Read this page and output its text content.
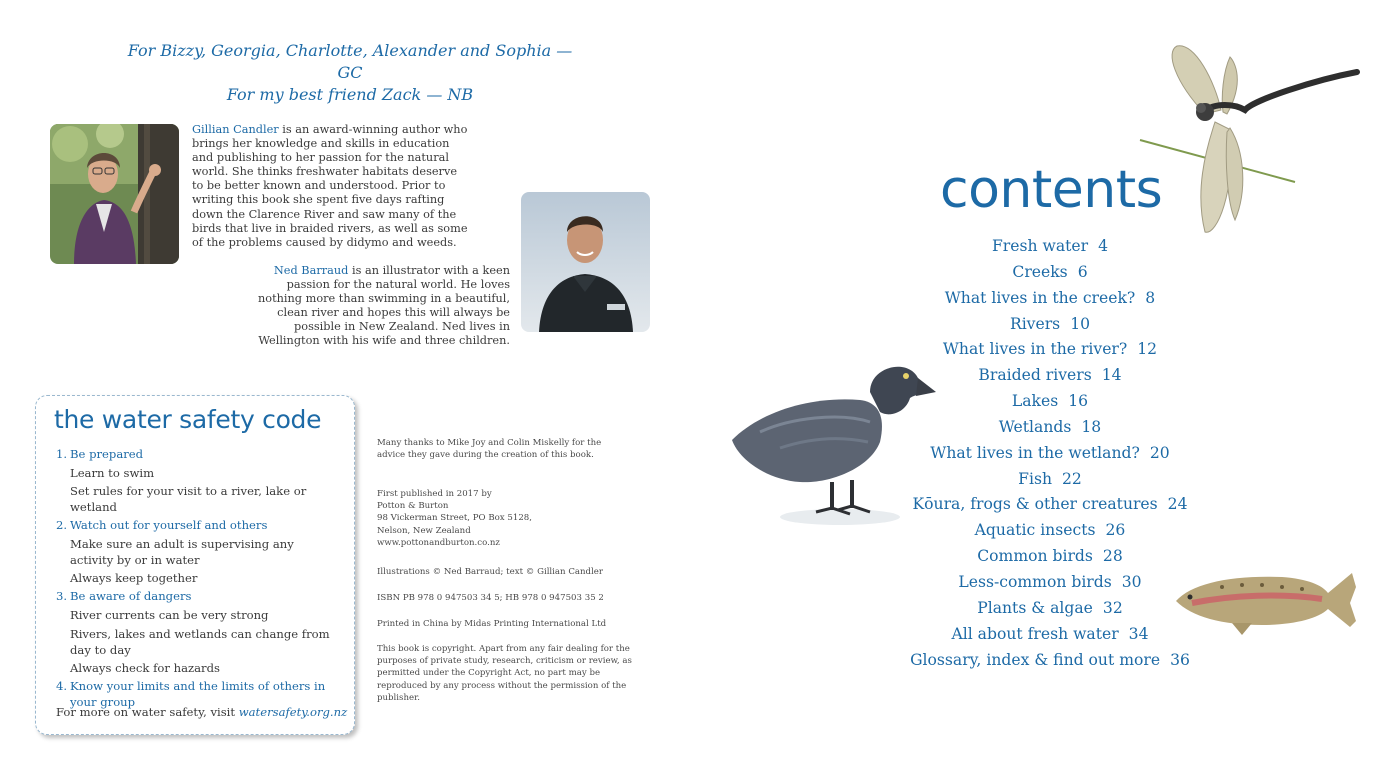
For Bizzy, Georgia, Charlotte, Alexander and Sophia — GC
For my best friend Zack — NB
Gillian Candler is an award-winning author who brings her knowledge and skills in education and publishing to her passion for the natural world. She thinks freshwater habitats deserve to be better known and understood. Prior to writing this book she spent five days rafting down the Clarence River and saw many of the birds that live in braided rivers, as well as some of the problems caused by didymo and weeds.
Ned Barraud is an illustrator with a keen passion for the natural world. He loves nothing more than swimming in a beautiful, clean river and hopes this will always be possible in New Zealand. Ned lives in Wellington with his wife and three children.
the water safety code
1. Be prepared
Learn to swim
Set rules for your visit to a river, lake or wetland
2. Watch out for yourself and others
Make sure an adult is supervising any activity by or in water
Always keep together
3. Be aware of dangers
River currents can be very strong
Rivers, lakes and wetlands can change from day to day
Always check for hazards
4. Know your limits and the limits of others in your group
For more on water safety, visit watersafety.org.nz
Many thanks to Mike Joy and Colin Miskelly for the advice they gave during the creation of this book.
First published in 2017 by
Potton & Burton
98 Vickerman Street, PO Box 5128,
Nelson, New Zealand
www.pottonandburton.co.nz
Illustrations © Ned Barraud; text © Gillian Candler
ISBN PB 978 0 947503 34 5; HB 978 0 947503 35 2
Printed in China by Midas Printing International Ltd
This book is copyright. Apart from any fair dealing for the purposes of private study, research, criticism or review, as permitted under the Copyright Act, no part may be reproduced by any process without the permission of the publisher.
contents
Fresh water 4
Creeks 6
What lives in the creek? 8
Rivers 10
What lives in the river? 12
Braided rivers 14
Lakes 16
Wetlands 18
What lives in the wetland? 20
Fish 22
Kōura, frogs & other creatures 24
Aquatic insects 26
Common birds 28
Less-common birds 30
Plants & algae 32
All about fresh water 34
Glossary, index & find out more 36
